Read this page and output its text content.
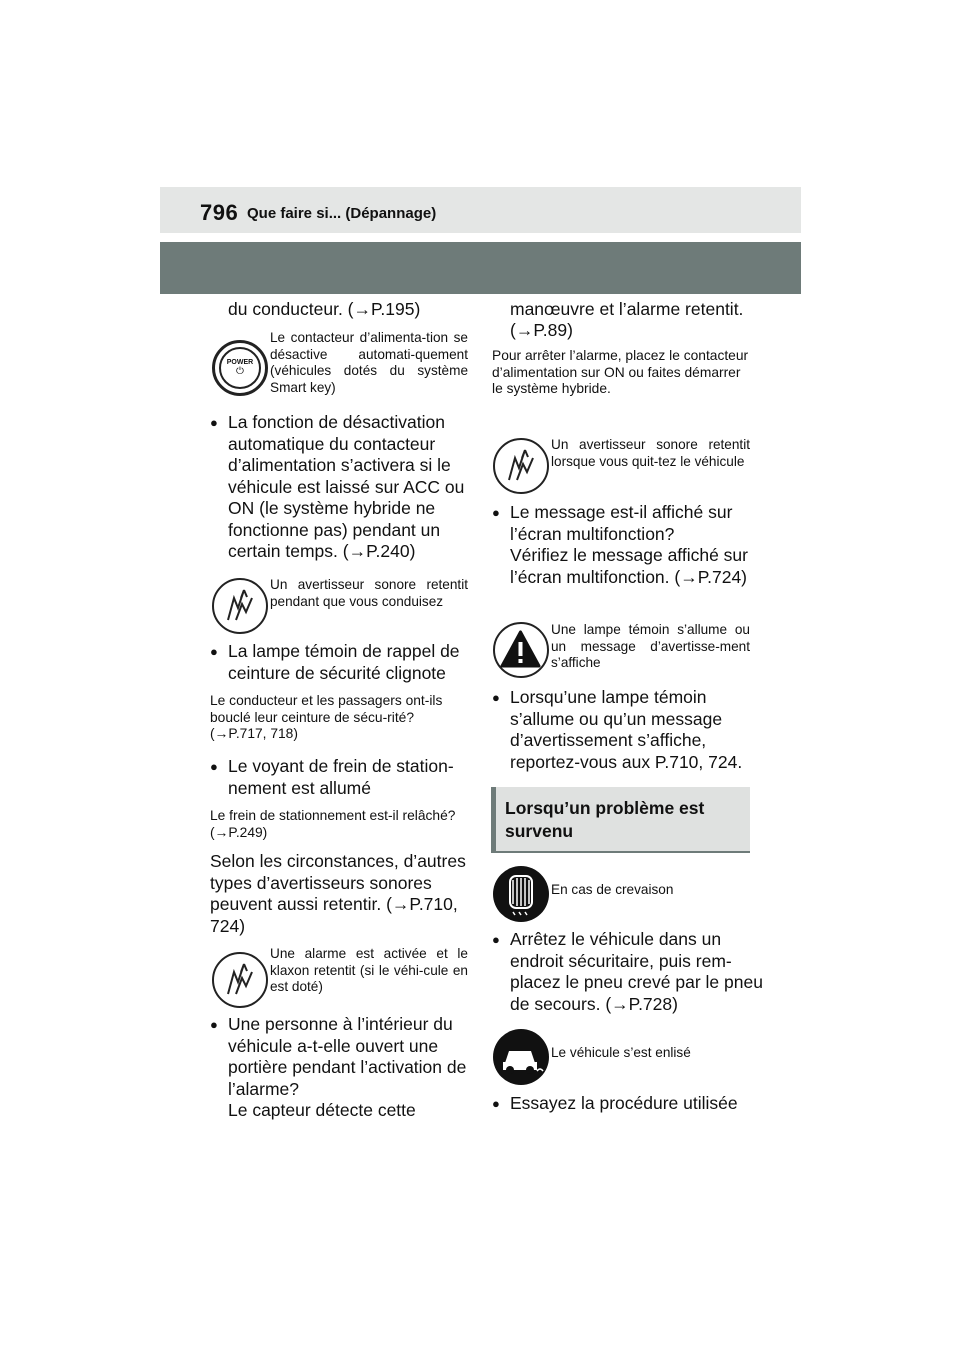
796 Que faire si... (Dépannage)
du conducteur. (→P.195)
POWER
⏻
Le contacteur d’alimenta-tion se désactive automati-quement (véhicules dotés du système Smart key)
● La fonction de désactivation automatique du contacteur d’alimentation s’activera si le véhicule est laissé sur ACC ou ON (le système hybride ne fonctionne pas) pendant un certain temps. (→P.240)
Un avertisseur sonore retentit pendant que vous conduisez
● La lampe témoin de rappel de ceinture de sécurité clignote
Le conducteur et les passagers ont-ils bouclé leur ceinture de sécu-rité? (→P.717, 718)
● Le voyant de frein de station-nement est allumé
Le frein de stationnement est-il relâché? (→P.249)
Selon les circonstances, d’autres types d’avertisseurs sonores peuvent aussi retentir. (→P.710, 724)
Une alarme est activée et le klaxon retentit (si le véhi-cule en est doté)
● Une personne à l’intérieur du véhicule a-t-elle ouvert une portière pendant l’activation de l’alarme?
Le capteur détecte cette
manœuvre et l’alarme retentit.
(→P.89)
Pour arrêter l’alarme, placez le contacteur d’alimentation sur ON ou faites démarrer le système hybride.
Un avertisseur sonore retentit lorsque vous quit-tez le véhicule
● Le message est-il affiché sur l’écran multifonction?
Vérifiez le message affiché sur l’écran multifonction. (→P.724)
Une lampe témoin s’allume ou un message d’avertisse-ment s’affiche
● Lorsqu’une lampe témoin s’allume ou qu’un message d’avertissement s’affiche, reportez-vous aux P.710, 724.
Lorsqu’un problème est survenu
En cas de crevaison
● Arrêtez le véhicule dans un endroit sécuritaire, puis rem-placez le pneu crevé par le pneu de secours. (→P.728)
Le véhicule s’est enlisé
● Essayez la procédure utilisée
